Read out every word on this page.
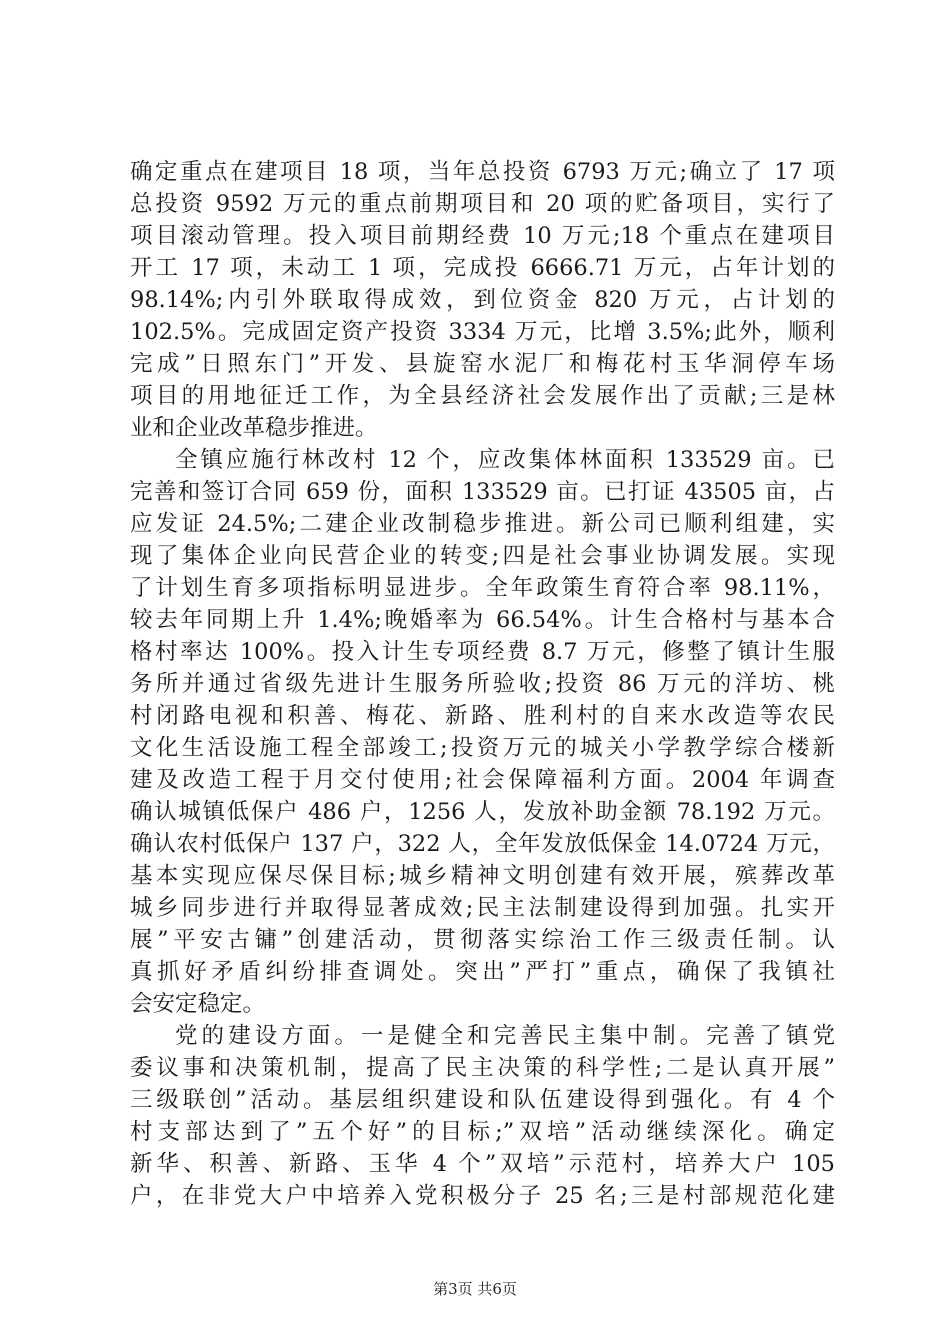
确定重点在建项目 18 项，当年总投资 6793 万元;确立了 17 项
总投资 9592 万元的重点前期项目和 20 项的贮备项目，实行了
项目滚动管理。投入项目前期经费 10 万元;18 个重点在建项目
开工 17 项，未动工 1 项，完成投 6666.71 万元，占年计划的
98.14%;内引外联取得成效，到位资金 820 万元，占计划的
102.5%。完成固定资产投资 3334 万元，比增 3.5%;此外，顺利
完成”日照东门”开发、县旋窑水泥厂和梅花村玉华洞停车场
项目的用地征迁工作，为全县经济社会发展作出了贡献;三是林
业和企业改革稳步推进。
全镇应施行林改村 12 个，应改集体林面积 133529 亩。已
完善和签订合同 659 份，面积 133529 亩。已打证 43505 亩，占
应发证 24.5%;二建企业改制稳步推进。新公司已顺利组建，实
现了集体企业向民营企业的转变;四是社会事业协调发展。实现
了计划生育多项指标明显进步。全年政策生育符合率 98.11%，
较去年同期上升 1.4%;晚婚率为 66.54%。计生合格村与基本合
格村率达 100%。投入计生专项经费 8.7 万元，修整了镇计生服
务所并通过省级先进计生服务所验收;投资 86 万元的洋坊、桃
村闭路电视和积善、梅花、新路、胜利村的自来水改造等农民
文化生活设施工程全部竣工;投资万元的城关小学教学综合楼新
建及改造工程于月交付使用;社会保障福利方面。2004 年调查
确认城镇低保户 486 户，1256 人，发放补助金额 78.192 万元。
确认农村低保户 137 户，322 人，全年发放低保金 14.0724 万元，
基本实现应保尽保目标;城乡精神文明创建有效开展，殡葬改革
城乡同步进行并取得显著成效;民主法制建设得到加强。扎实开
展”平安古镛”创建活动，贯彻落实综治工作三级责任制。认
真抓好矛盾纠纷排查调处。突出”严打”重点，确保了我镇社
会安定稳定。
党的建设方面。一是健全和完善民主集中制。完善了镇党
委议事和决策机制，提高了民主决策的科学性;二是认真开展”
三级联创”活动。基层组织建设和队伍建设得到强化。有 4 个
村支部达到了”五个好”的目标;”双培”活动继续深化。确定
新华、积善、新路、玉华 4 个”双培”示范村，培养大户 105
户，在非党大户中培养入党积极分子 25 名;三是村部规范化建
第3页 共6页
